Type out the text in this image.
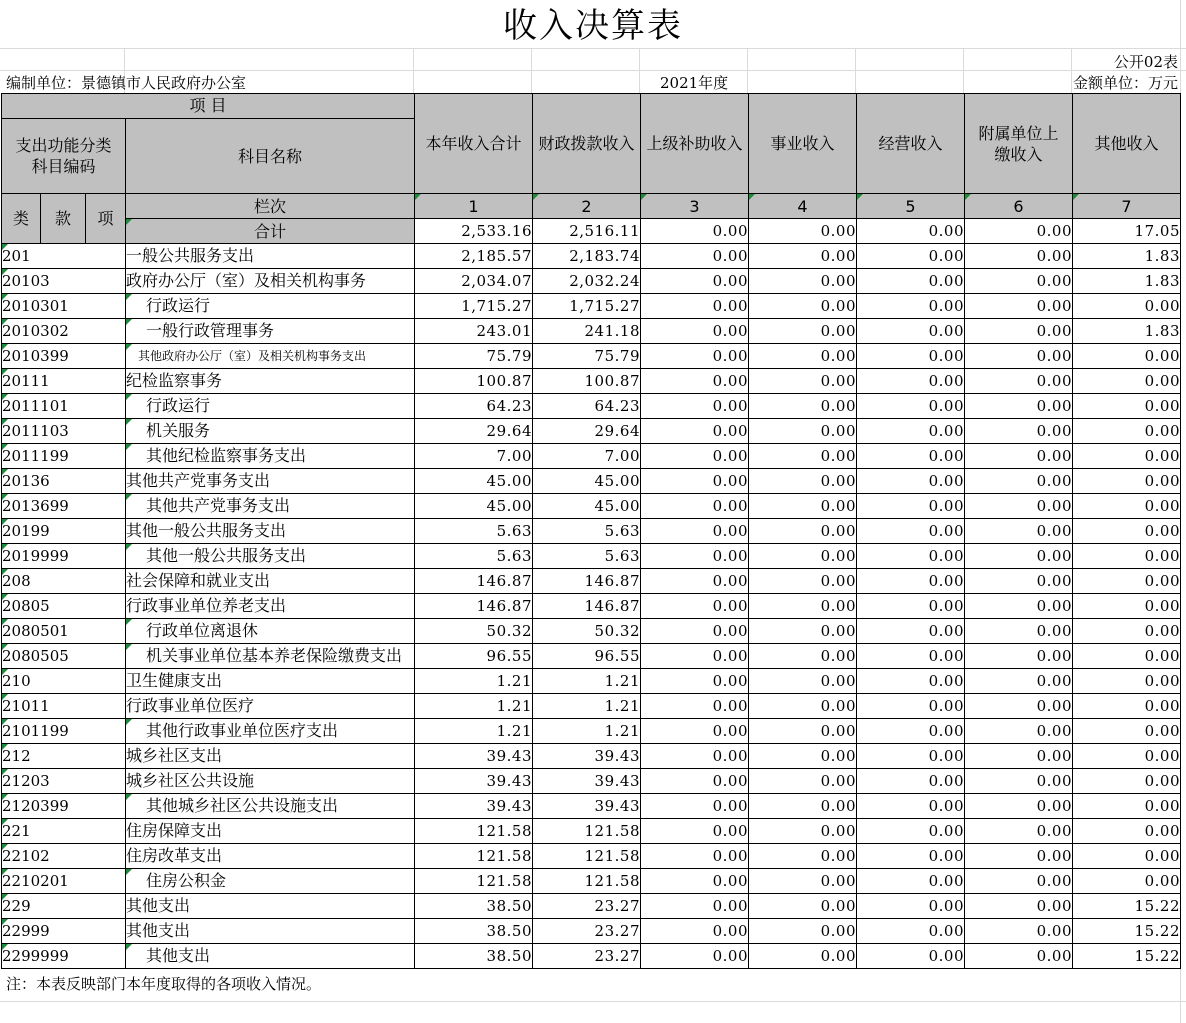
收入决算表
公开02表
编制单位：景德镇市人民政府办公室	2021年度	金额单位：万元
项 目				本年收入合计	财政拨款收入	上级补助收入	事业收入	经营收入	附属单位上缴收入	其他收入
支出功能分类科目编码			科目名称							

类	款	项	栏次	1	2	3	4	5	6	7
			合计	2,533.16	2,516.11	0.00	0.00	0.00	0.00	17.05
201			一般公共服务支出	2,185.57	2,183.74	0.00	0.00	0.00	0.00	1.83
20103			政府办公厅（室）及相关机构事务	2,034.07	2,032.24	0.00	0.00	0.00	0.00	1.83
2010301			行政运行	1,715.27	1,715.27	0.00	0.00	0.00	0.00	0.00
2010302			一般行政管理事务	243.01	241.18	0.00	0.00	0.00	0.00	1.83
2010399			其他政府办公厅（室）及相关机构事务支出	75.79	75.79	0.00	0.00	0.00	0.00	0.00
20111			纪检监察事务	100.87	100.87	0.00	0.00	0.00	0.00	0.00
2011101			行政运行	64.23	64.23	0.00	0.00	0.00	0.00	0.00
2011103			机关服务	29.64	29.64	0.00	0.00	0.00	0.00	0.00
2011199			其他纪检监察事务支出	7.00	7.00	0.00	0.00	0.00	0.00	0.00
20136			其他共产党事务支出	45.00	45.00	0.00	0.00	0.00	0.00	0.00
2013699			其他共产党事务支出	45.00	45.00	0.00	0.00	0.00	0.00	0.00
20199			其他一般公共服务支出	5.63	5.63	0.00	0.00	0.00	0.00	0.00
2019999			其他一般公共服务支出	5.63	5.63	0.00	0.00	0.00	0.00	0.00
208			社会保障和就业支出	146.87	146.87	0.00	0.00	0.00	0.00	0.00
20805			行政事业单位养老支出	146.87	146.87	0.00	0.00	0.00	0.00	0.00
2080501			行政单位离退休	50.32	50.32	0.00	0.00	0.00	0.00	0.00
2080505			机关事业单位基本养老保险缴费支出	96.55	96.55	0.00	0.00	0.00	0.00	0.00
210			卫生健康支出	1.21	1.21	0.00	0.00	0.00	0.00	0.00
21011			行政事业单位医疗	1.21	1.21	0.00	0.00	0.00	0.00	0.00
2101199			其他行政事业单位医疗支出	1.21	1.21	0.00	0.00	0.00	0.00	0.00
212			城乡社区支出	39.43	39.43	0.00	0.00	0.00	0.00	0.00
21203			城乡社区公共设施	39.43	39.43	0.00	0.00	0.00	0.00	0.00
2120399			其他城乡社区公共设施支出	39.43	39.43	0.00	0.00	0.00	0.00	0.00
221			住房保障支出	121.58	121.58	0.00	0.00	0.00	0.00	0.00
22102			住房改革支出	121.58	121.58	0.00	0.00	0.00	0.00	0.00
2210201			住房公积金	121.58	121.58	0.00	0.00	0.00	0.00	0.00
229			其他支出	38.50	23.27	0.00	0.00	0.00	0.00	15.22
22999			其他支出	38.50	23.27	0.00	0.00	0.00	0.00	15.22
2299999			其他支出	38.50	23.27	0.00	0.00	0.00	0.00	15.22
注：本表反映部门本年度取得的各项收入情况。
